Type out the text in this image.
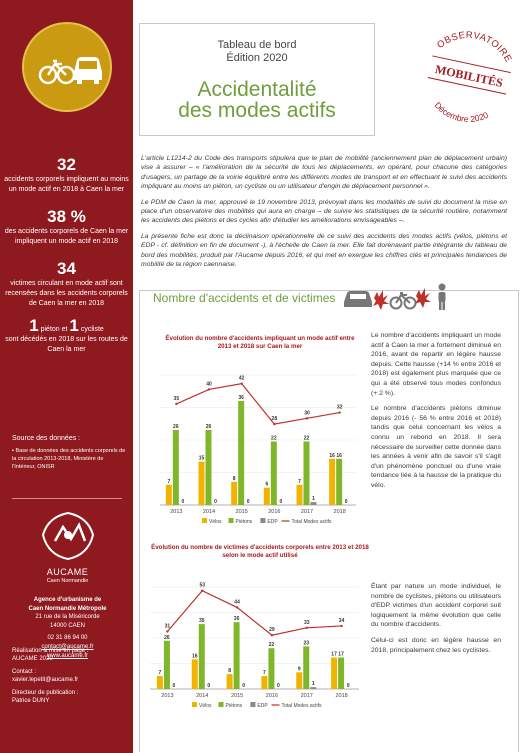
32
accidents corporels impliquent au moins un mode actif en 2018 à Caen la mer
38 %
des accidents corporels de Caen la mer impliquent un mode actif en 2018
34
victimes circulant en mode actif sont recensées dans les accidents corporels de Caen la mer en 2018
1 piéton et 1 cycliste
sont décédés en 2018 sur les routes de Caen la mer
Source des données :
▪ Base de données des accidents corporels de la circulation 2013-2018, Ministère de l'Intérieur, ONISR
AUCAME
Caen Normandie
Agence d'urbanisme de
Caen Normandie Métropole
21 rue de la Miséricorde
14000 CAEN
02 31 86 94 00
contact@aucame.fr
www.aucame.fr
Réalisation & mise en page :
AUCAME 2020
Contact :
xavier.lepetit@aucame.fr
Directeur de publication :
Patrice DUNY
Tableau de bord
Édition 2020
Accidentalité
des modes actifs
OBSERVATOIRE
MOBILITÉS
Décembre 2020

L'article L1214-2 du Code des transports stipulera que le plan de mobilité (anciennement plan de déplacement urbain) vise à assurer – « l'amélioration de la sécurité de tous les déplacements, en opérant, pour chacune des catégories d'usagers, un partage de la voirie équilibré entre les différents modes de transport et en effectuant le suivi des accidents impliquant au moins un piéton, un cycliste ou un utilisateur d'engin de déplacement personnel ».

Le PDM de Caen la mer, approuvé le 19 novembre 2013, prévoyait dans les modalités de suivi du document la mise en place d'un observatoire des mobilités qui aura en charge – de suivre les statistiques de la sécurité routière, notamment les accidents des piétons et des cycles afin d'étudier les améliorations envisageables –.

La présente fiche est donc la déclinaison opérationnelle de ce suivi des accidents des modes actifs (vélos, piétons et EDP - cf. définition en fin de document -), à l'échelle de Caen la mer. Elle fait dorénavant partie intégrante du tableau de bord des mobilités, produit par l'Aucame depuis 2016, et qui met en exergue les chiffres clés et principales tendances de mobilité de la région caennaise.

Nombre d'accidents et de victimes
Évolution du nombre d'accidents impliquant un mode actif entre 2013 et 2018 sur Caen la mer
7
26
0
2013
15
26
0
2014
8
36
0
2015
6
22
0
2016
7
22
1
2017
16 16
0
2018
35
40
42
28
30
32
Vélos	Piétons	EDP	Total Modes actifs

Le nombre d'accidents impliquant un mode actif à Caen la mer a fortement diminué en 2016, avant de repartir en légère hausse depuis. Cette hausse (+14 % entre 2016 et 2018) est également plus marquée que ce qui a été observé tous modes confondus (+ 2 %).

Le nombre d'accidents piétons diminue depuis 2016 (- 56 % entre 2016 et 2018) tandis que celui concernant les vélos a connu un rebond en 2018. Il sera nécessaire de surveiller cette donnée dans les années à venir afin de savoir s'il s'agit d'un phénomène ponctuel ou d'une vraie tendance liée à la hausse de la pratique du vélo.

Évolution du nombre de victimes d'accidents corporels entre 2013 et 2018 selon le mode actif utilisé
7
26
0
2013
16
35
0
2014
8
36
0
2015
7
22
0
2016
9
23
1
2017
17 17
0
2018
31
53
44
29
33	34
Vélos	Piétons	EDP	Total Modes actifs

Étant par nature un mode individuel, le nombre de cyclistes, piétons ou utilisateurs d'EDP victimes d'un accident corporel suit logiquement la même évolution que celle du nombre d'accidents.

Celui-ci est donc en légère hausse en 2018, principalement chez les cyclistes.
